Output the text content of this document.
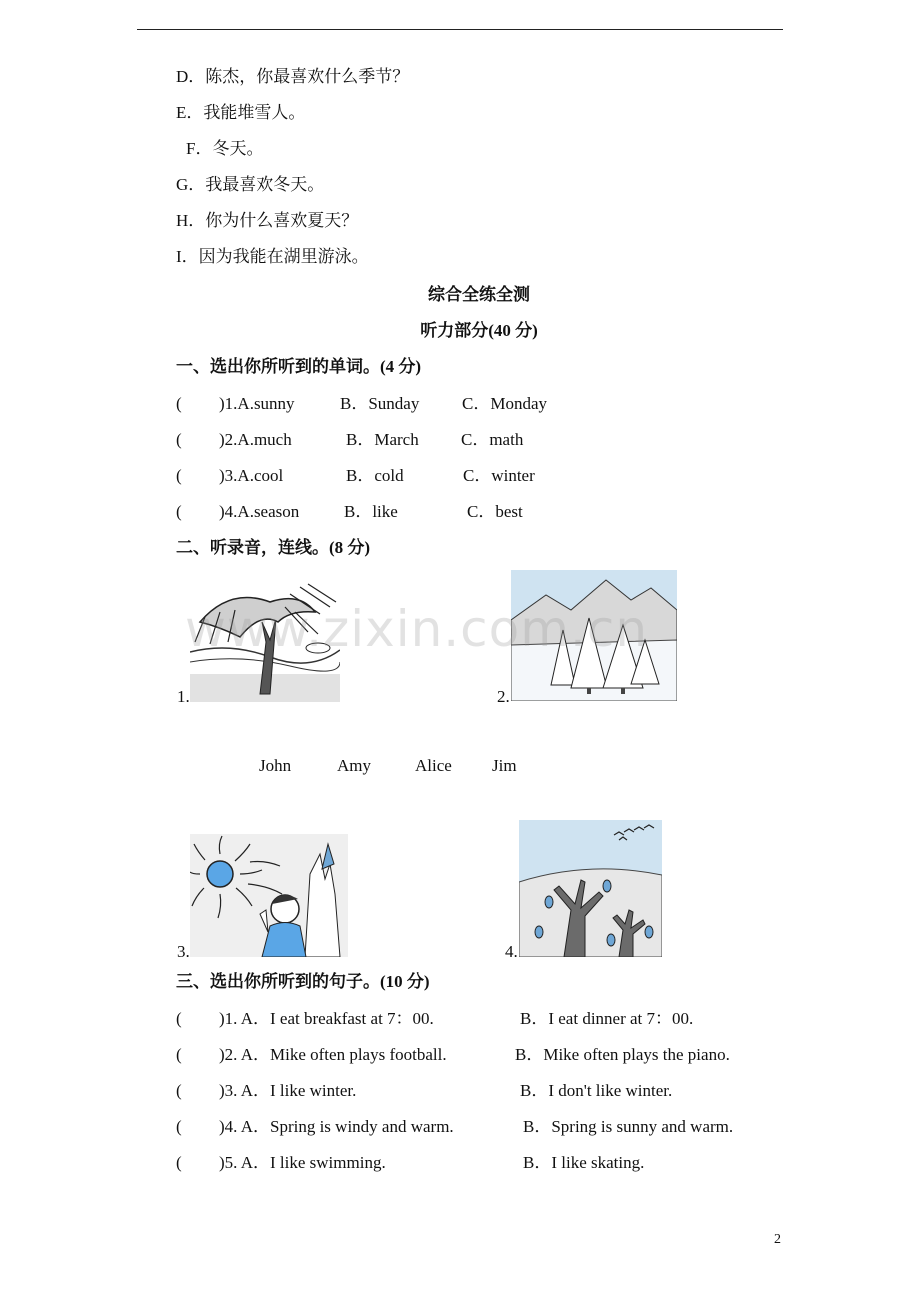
D．陈杰，你最喜欢什么季节？
E．我能堆雪人。
F．冬天。
G．我最喜欢冬天。
H．你为什么喜欢夏天？
I．因为我能在湖里游泳。
综合全练全测
听力部分(40 分)
一、选出你所听到的单词。(4 分)
( )1.A.sunny	B．Sunday	C．Monday
( )2.A.much	B．March C．math
( )3.A.cool	B．cold	C．winter
( )4.A.season	B．like	C．best
二、听录音，连线。(8 分)
1.	2.
www.zixin.com.cn
John	Amy	Alice Jim
3.	4.
三、选出你所听到的句子。(10 分)
( )1. A．I eat breakfast at 7：00.	B．I eat dinner at 7：00.
( )2. A．Mike often plays football.	B．Mike often plays the piano.
( )3. A．I like winter.	B．I don't like winter.
( )4. A．Spring is windy and warm.	B．Spring is sunny and warm.
( )5. A．I like swimming.	B．I like skating.
2
